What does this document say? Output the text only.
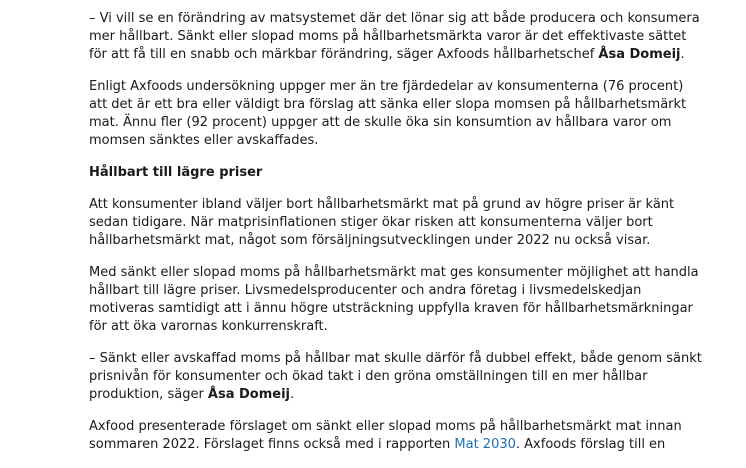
– Vi vill se en förändring av matsystemet där det lönar sig att både producera och konsumera
mer hållbart. Sänkt eller slopad moms på hållbarhetsmärkta varor är det effektivaste sättet
för att få till en snabb och märkbar förändring, säger Axfoods hållbarhetschef Åsa Domeij.

Enligt Axfoods undersökning uppger mer än tre fjärdedelar av konsumenterna (76 procent)
att det är ett bra eller väldigt bra förslag att sänka eller slopa momsen på hållbarhetsmärkt
mat. Ännu fler (92 procent) uppger att de skulle öka sin konsumtion av hållbara varor om
momsen sänktes eller avskaffades.

Hållbart till lägre priser

Att konsumenter ibland väljer bort hållbarhetsmärkt mat på grund av högre priser är känt
sedan tidigare. När matprisinflationen stiger ökar risken att konsumenterna väljer bort
hållbarhetsmärkt mat, något som försäljningsutvecklingen under 2022 nu också visar.

Med sänkt eller slopad moms på hållbarhetsmärkt mat ges konsumenter möjlighet att handla
hållbart till lägre priser. Livsmedelsproducenter och andra företag i livsmedelskedjan
motiveras samtidigt att i ännu högre utsträckning uppfylla kraven för hållbarhetsmärkningar
för att öka varornas konkurrenskraft.

– Sänkt eller avskaffad moms på hållbar mat skulle därför få dubbel effekt, både genom sänkt
prisnivån för konsumenter och ökad takt i den gröna omställningen till en mer hållbar
produktion, säger Åsa Domeij.

Axfood presenterade förslaget om sänkt eller slopad moms på hållbarhetsmärkt mat innan
sommaren 2022. Förslaget finns också med i rapporten Mat 2030. Axfoods förslag till en
